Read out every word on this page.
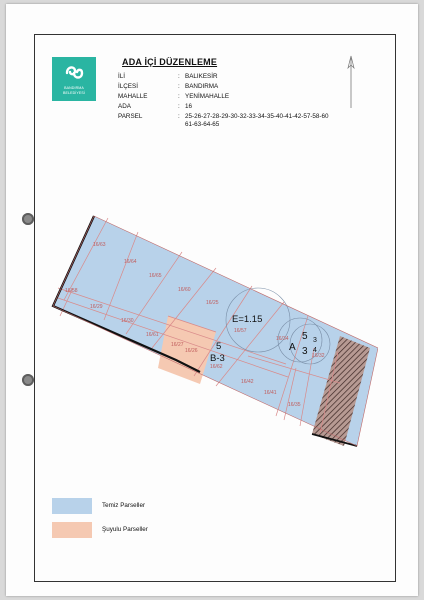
BANDIRMA
BELEDİYESİ
ADA İÇİ DÜZENLEME
İLİ	: BALIKESİR
İLÇESİ	: BANDIRMA
MAHALLE	: YENİMAHALLE
ADA	: 16
PARSEL	: 25-26-27-28-29-30-32-33-34-35-40-41-42-57-58-60
61-63-64-65
16/63
16/64
16/65
16/58
16/29
16/30
16/60
16/25
16/57
16/61
16/27
16/26
16/62
16/34
16/42
16/41
16/35
16/32
E=1.15
5
B-3
A
5
3
3
4
Temiz Parseller
Şuyulu Parseller
